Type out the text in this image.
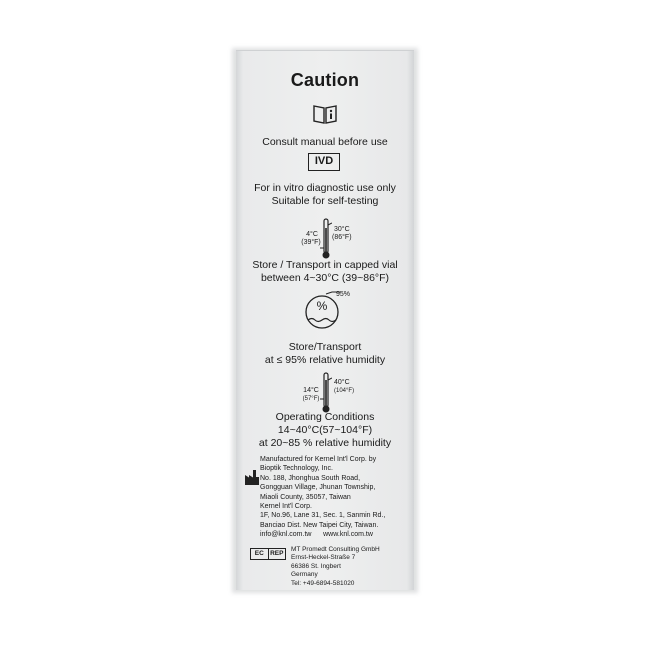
Caution
Consult manual before use
IVD
For in vitro diagnostic use only
Suitable for self-testing
4°C
(39°F)
30°C
(86°F)
Store / Transport in capped vial
between 4~30°C (39~86°F)
%
95%
Store/Transport
at ≤ 95% relative humidity
14°C
(57°F)
40°C
(104°F)
Operating Conditions
14~40°C(57~104°F)
at 20~85 % relative humidity
Manufactured for Kernel Int'l Corp. by
Bioptik Technology, Inc.
No. 188, Jhonghua South Road,
Gongguan Village, Jhunan Township,
Miaoli County, 35057, Taiwan
Kernel Int'l Corp.
1F, No.96, Lane 31, Sec. 1, Sanmin Rd.,
Banciao Dist. New Taipei City, Taiwan.
info@knl.com.tw      www.knl.com.tw
EC REP
MT Promedt Consulting GmbH
Ernst-Heckel-Straße 7
66386 St. Ingbert
Germany
Tel: +49-6894-581020
